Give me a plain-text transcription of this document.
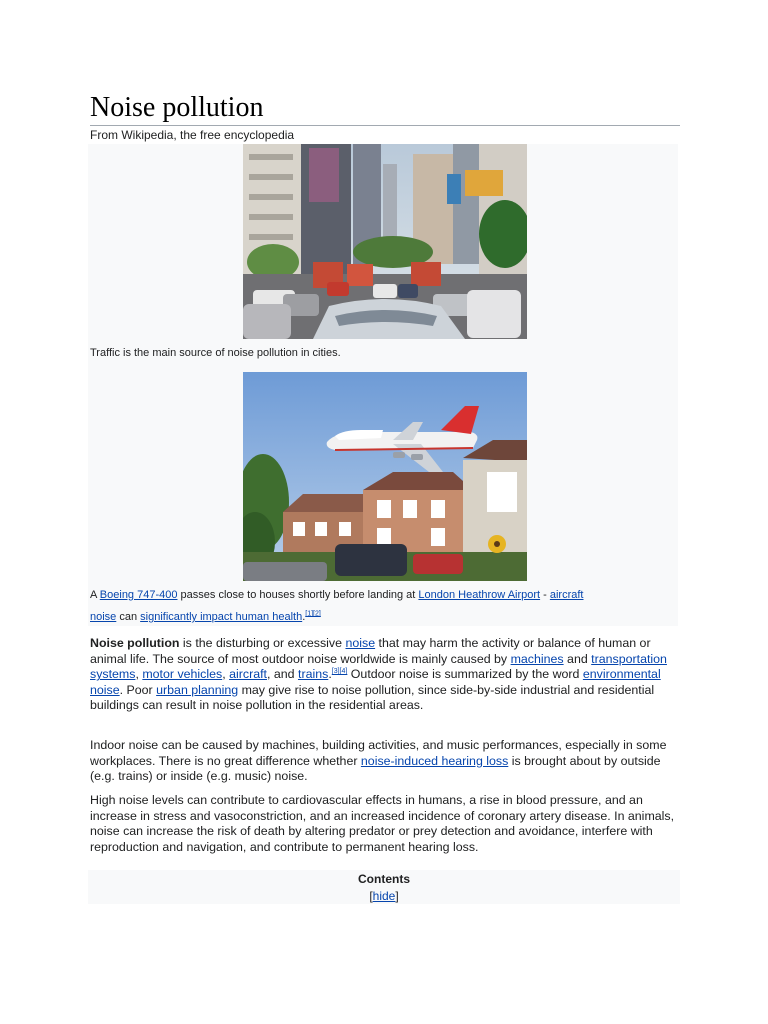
Noise pollution
From Wikipedia, the free encyclopedia
Traffic is the main source of noise pollution in cities.
A Boeing 747-400 passes close to houses shortly before landing at London Heathrow Airport - aircraft noise can significantly impact human health.[1][2]

Noise pollution is the disturbing or excessive noise that may harm the activity or balance of human or animal life. The source of most outdoor noise worldwide is mainly caused by machines and transportation systems, motor vehicles, aircraft, and trains.[3][4] Outdoor noise is summarized by the word environmental noise. Poor urban planning may give rise to noise pollution, since side-by-side industrial and residential buildings can result in noise pollution in the residential areas.

Indoor noise can be caused by machines, building activities, and music performances, especially in some workplaces. There is no great difference whether noise-induced hearing loss is brought about by outside (e.g. trains) or inside (e.g. music) noise.

High noise levels can contribute to cardiovascular effects in humans, a rise in blood pressure, and an increase in stress and vasoconstriction, and an increased incidence of coronary artery disease. In animals, noise can increase the risk of death by altering predator or prey detection and avoidance, interfere with reproduction and navigation, and contribute to permanent hearing loss.

Contents
[hide]
